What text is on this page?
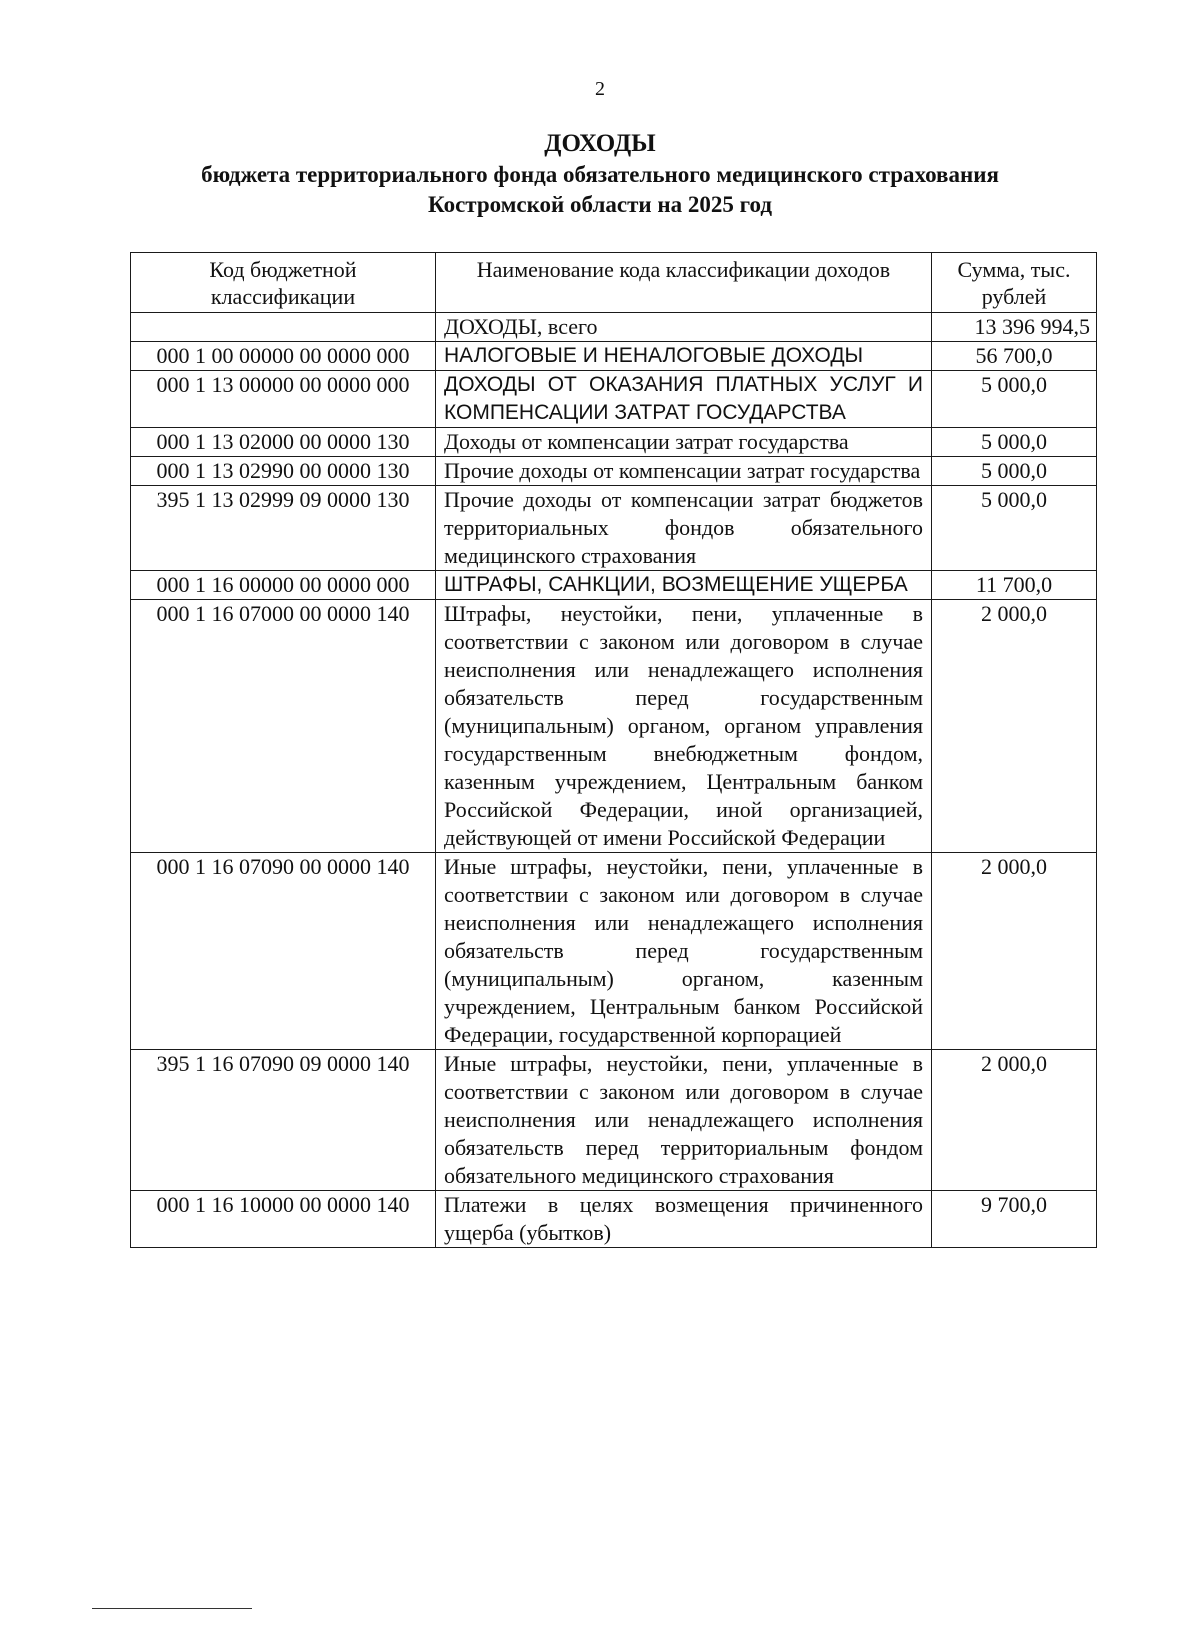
2
ДОХОДЫ
бюджета территориального фонда обязательного медицинского страхования
Костромской области на 2025 год
Код бюджетной классификации	Наименование кода классификации доходов	Сумма, тыс. рублей
	ДОХОДЫ, всего	13 396 994,5
000 1 00 00000 00 0000 000	НАЛОГОВЫЕ И НЕНАЛОГОВЫЕ ДОХОДЫ	56 700,0
000 1 13 00000 00 0000 000	ДОХОДЫ ОТ ОКАЗАНИЯ ПЛАТНЫХ УСЛУГ И КОМПЕНСАЦИИ ЗАТРАТ ГОСУДАРСТВА	5 000,0
000 1 13 02000 00 0000 130	Доходы от компенсации затрат государства	5 000,0
000 1 13 02990 00 0000 130	Прочие доходы от компенсации затрат государства	5 000,0
395 1 13 02999 09 0000 130	Прочие доходы от компенсации затрат бюджетов территориальных фондов обязательного медицинского страхования	5 000,0
000 1 16 00000 00 0000 000	ШТРАФЫ, САНКЦИИ, ВОЗМЕЩЕНИЕ УЩЕРБА	11 700,0
000 1 16 07000 00 0000 140	Штрафы, неустойки, пени, уплаченные в соответствии с законом или договором в случае неисполнения или ненадлежащего исполнения обязательств перед государственным (муниципальным) органом, органом управления государственным внебюджетным фондом, казенным учреждением, Центральным банком Российской Федерации, иной организацией, действующей от имени Российской Федерации	2 000,0
000 1 16 07090 00 0000 140	Иные штрафы, неустойки, пени, уплаченные в соответствии с законом или договором в случае неисполнения или ненадлежащего исполнения обязательств перед государственным (муниципальным) органом, казенным учреждением, Центральным банком Российской Федерации, государственной корпорацией	2 000,0
395 1 16 07090 09 0000 140	Иные штрафы, неустойки, пени, уплаченные в соответствии с законом или договором в случае неисполнения или ненадлежащего исполнения обязательств перед территориальным фондом обязательного медицинского страхования	2 000,0
000 1 16 10000 00 0000 140	Платежи в целях возмещения причиненного ущерба (убытков)	9 700,0
